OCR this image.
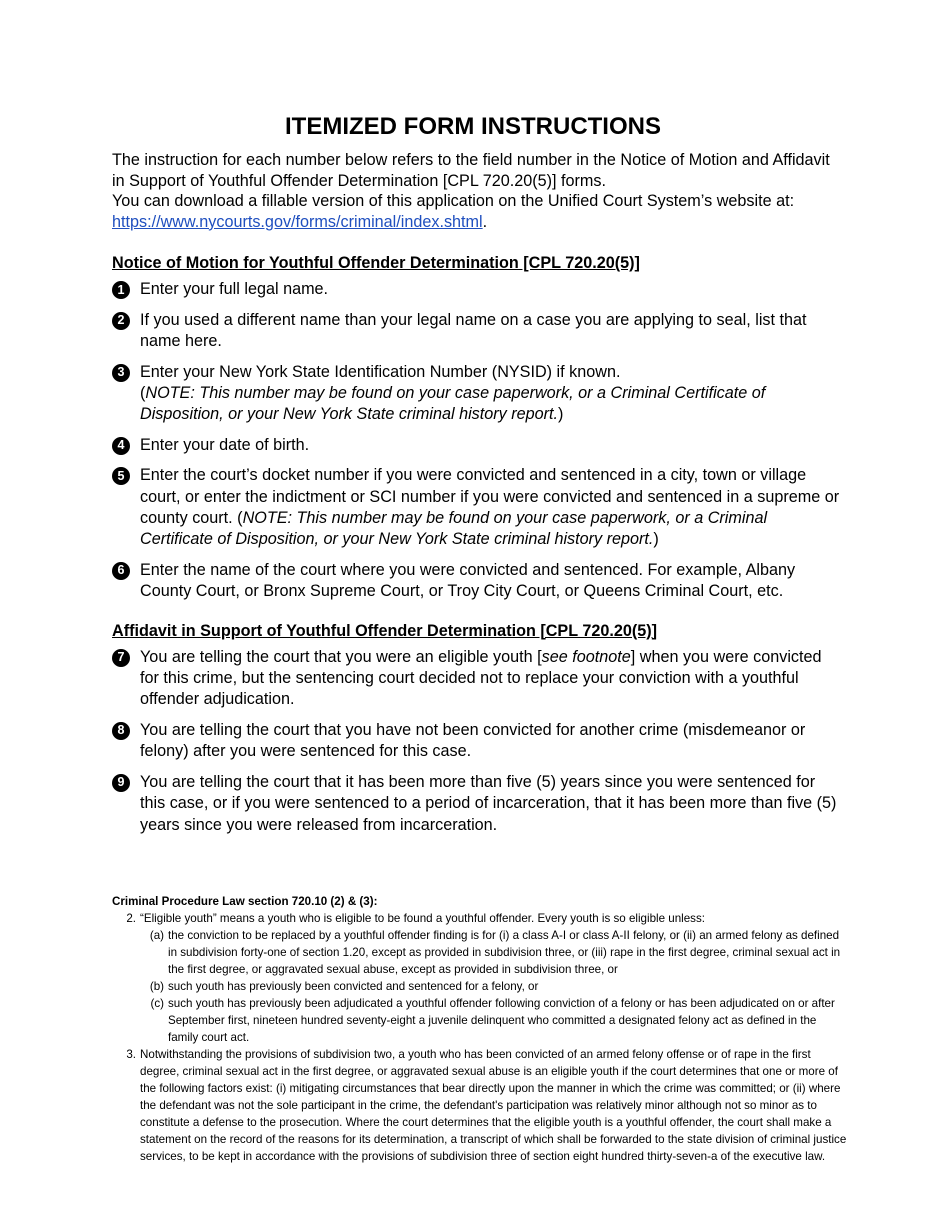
ITEMIZED FORM INSTRUCTIONS

The instruction for each number below refers to the field number in the Notice of Motion and Affidavit in Support of Youthful Offender Determination [CPL 720.20(5)] forms.

You can download a fillable version of this application on the Unified Court System’s website at:
https://www.nycourts.gov/forms/criminal/index.shtml.

Notice of Motion for Youthful Offender Determination [CPL 720.20(5)]
1 Enter your full legal name.
2 If you used a different name than your legal name on a case you are applying to seal, list that name here.
3 Enter your New York State Identification Number (NYSID) if known.
(NOTE: This number may be found on your case paperwork, or a Criminal Certificate of Disposition, or your New York State criminal history report.)
4 Enter your date of birth.
5 Enter the court’s docket number if you were convicted and sentenced in a city, town or village court, or enter the indictment or SCI number if you were convicted and sentenced in a supreme or county court. (NOTE: This number may be found on your case paperwork, or a Criminal Certificate of Disposition, or your New York State criminal history report.)
6 Enter the name of the court where you were convicted and sentenced. For example, Albany County Court, or Bronx Supreme Court, or Troy City Court, or Queens Criminal Court, etc.
Affidavit in Support of Youthful Offender Determination [CPL 720.20(5)]
7 You are telling the court that you were an eligible youth [see footnote] when you were convicted for this crime, but the sentencing court decided not to replace your conviction with a youthful offender adjudication.
8 You are telling the court that you have not been convicted for another crime (misdemeanor or felony) after you were sentenced for this case.
9 You are telling the court that it has been more than five (5) years since you were sentenced for this case, or if you were sentenced to a period of incarceration, that it has been more than five (5) years since you were released from incarceration.
Criminal Procedure Law section 720.10 (2) & (3):
2. “Eligible youth” means a youth who is eligible to be found a youthful offender. Every youth is so eligible unless:
(a) the conviction to be replaced by a youthful offender finding is for (i) a class A-I or class A-II felony, or (ii) an armed felony as defined in subdivision forty-one of section 1.20, except as provided in subdivision three, or (iii) rape in the first degree, criminal sexual act in the first degree, or aggravated sexual abuse, except as provided in subdivision three, or
(b) such youth has previously been convicted and sentenced for a felony, or
(c) such youth has previously been adjudicated a youthful offender following conviction of a felony or has been adjudicated on or after September first, nineteen hundred seventy-eight a juvenile delinquent who committed a designated felony act as defined in the family court act.
3. Notwithstanding the provisions of subdivision two, a youth who has been convicted of an armed felony offense or of rape in the first degree, criminal sexual act in the first degree, or aggravated sexual abuse is an eligible youth if the court determines that one or more of the following factors exist: (i) mitigating circumstances that bear directly upon the manner in which the crime was committed; or (ii) where the defendant was not the sole participant in the crime, the defendant's participation was relatively minor although not so minor as to constitute a defense to the prosecution. Where the court determines that the eligible youth is a youthful offender, the court shall make a statement on the record of the reasons for its determination, a transcript of which shall be forwarded to the state division of criminal justice services, to be kept in accordance with the provisions of subdivision three of section eight hundred thirty-seven-a of the executive law.
